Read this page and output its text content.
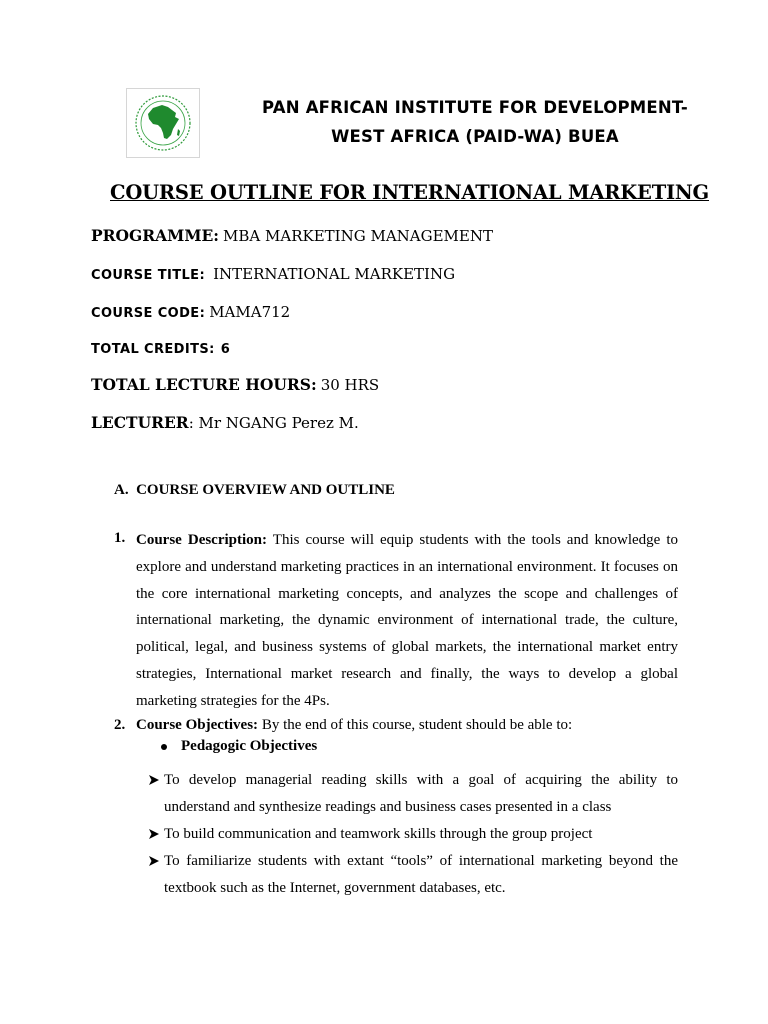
PAN AFRICAN INSTITUTE FOR DEVELOPMENT-
WEST AFRICA (PAID-WA) BUEA
COURSE OUTLINE FOR INTERNATIONAL MARKETING
PROGRAMME: MBA MARKETING MANAGEMENT
COURSE TITLE: INTERNATIONAL MARKETING
COURSE CODE: MAMA712
TOTAL CREDITS: 6
TOTAL LECTURE HOURS: 30 HRS
LECTURER: Mr NGANG Perez M.
A. COURSE OVERVIEW AND OUTLINE
1. Course Description: This course will equip students with the tools and knowledge to explore and understand marketing practices in an international environment. It focuses on the core international marketing concepts, and analyzes the scope and challenges of international marketing, the dynamic environment of international trade, the culture, political, legal, and business systems of global markets, the international market entry strategies, International market research and finally, the ways to develop a global marketing strategies for the 4Ps.
2. Course Objectives: By the end of this course, student should be able to:
Pedagogic Objectives
To develop managerial reading skills with a goal of acquiring the ability to understand and synthesize readings and business cases presented in a class
To build communication and teamwork skills through the group project
To familiarize students with extant “tools” of international marketing beyond the textbook such as the Internet, government databases, etc.
